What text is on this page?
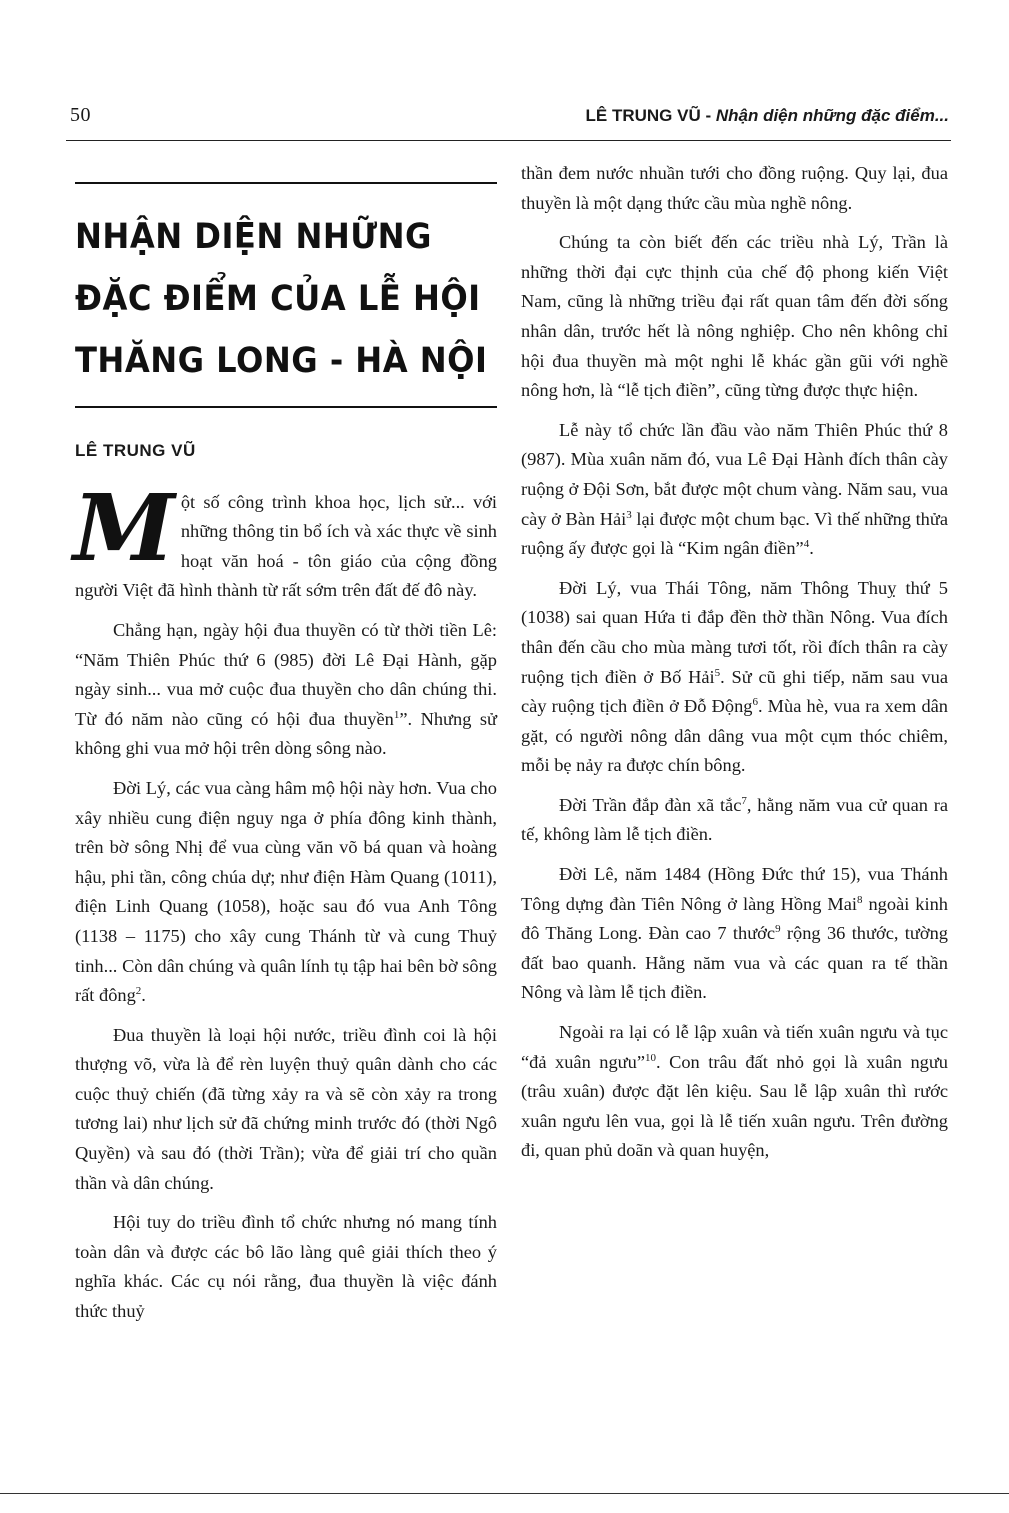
50	LÊ TRUNG VŨ - Nhận diện những đặc điểm...
NHẬN DIỆN NHỮNG
ĐẶC ĐIỂM CỦA LỄ HỘI
THĂNG LONG - HÀ NỘI
LÊ TRUNG VŨ

Một số công trình khoa học, lịch sử... với những thông tin bổ ích và xác thực về sinh hoạt văn hoá - tôn giáo của cộng đồng người Việt đã hình thành từ rất sớm trên đất đế đô này.

Chẳng hạn, ngày hội đua thuyền có từ thời tiền Lê: “Năm Thiên Phúc thứ 6 (985) đời Lê Đại Hành, gặp ngày sinh... vua mở cuộc đua thuyền cho dân chúng thi. Từ đó năm nào cũng có hội đua thuyền$^1$”. Nhưng sử không ghi vua mở hội trên dòng sông nào.

Đời Lý, các vua càng hâm mộ hội này hơn. Vua cho xây nhiều cung điện nguy nga ở phía đông kinh thành, trên bờ sông Nhị để vua cùng văn võ bá quan và hoàng hậu, phi tần, công chúa dự; như điện Hàm Quang (1011), điện Linh Quang (1058), hoặc sau đó vua Anh Tông (1138 – 1175) cho xây cung Thánh từ và cung Thuỷ tinh... Còn dân chúng và quân lính tụ tập hai bên bờ sông rất đông$^2$.

Đua thuyền là loại hội nước, triều đình coi là hội thượng võ, vừa là để rèn luyện thuỷ quân dành cho các cuộc thuỷ chiến (đã từng xảy ra và sẽ còn xảy ra trong tương lai) như lịch sử đã chứng minh trước đó (thời Ngô Quyền) và sau đó (thời Trần); vừa để giải trí cho quần thần và dân chúng.

Hội tuy do triều đình tổ chức nhưng nó mang tính toàn dân và được các bô lão làng quê giải thích theo ý nghĩa khác. Các cụ nói rằng, đua thuyền là việc đánh thức thuỷ

thần đem nước nhuần tưới cho đồng ruộng. Quy lại, đua thuyền là một dạng thức cầu mùa nghề nông.

Chúng ta còn biết đến các triều nhà Lý, Trần là những thời đại cực thịnh của chế độ phong kiến Việt Nam, cũng là những triều đại rất quan tâm đến đời sống nhân dân, trước hết là nông nghiệp. Cho nên không chỉ hội đua thuyền mà một nghi lễ khác gần gũi với nghề nông hơn, là “lễ tịch điền”, cũng từng được thực hiện.

Lễ này tổ chức lần đầu vào năm Thiên Phúc thứ 8 (987). Mùa xuân năm đó, vua Lê Đại Hành đích thân cày ruộng ở Đội Sơn, bắt được một chum vàng. Năm sau, vua cày ở Bàn Hải$^3$ lại được một chum bạc. Vì thế những thửa ruộng ấy được gọi là “Kim ngân điền”$^4$.

Đời Lý, vua Thái Tông, năm Thông Thuỵ thứ 5 (1038) sai quan Hứa ti đắp đền thờ thần Nông. Vua đích thân đến cầu cho mùa màng tươi tốt, rồi đích thân ra cày ruộng tịch điền ở Bố Hải$^5$. Sử cũ ghi tiếp, năm sau vua cày ruộng tịch điền ở Đỗ Động$^6$. Mùa hè, vua ra xem dân gặt, có người nông dân dâng vua một cụm thóc chiêm, mỗi bẹ nảy ra được chín bông.

Đời Trần đắp đàn xã tắc$^7$, hằng năm vua cử quan ra tế, không làm lễ tịch điền.

Đời Lê, năm 1484 (Hồng Đức thứ 15), vua Thánh Tông dựng đàn Tiên Nông ở làng Hồng Mai$^8$ ngoài kinh đô Thăng Long. Đàn cao 7 thước$^9$ rộng 36 thước, tường đất bao quanh. Hằng năm vua và các quan ra tế thần Nông và làm lễ tịch điền.

Ngoài ra lại có lễ lập xuân và tiến xuân ngưu và tục “đả xuân ngưu”$^{10}$. Con trâu đất nhỏ gọi là xuân ngưu (trâu xuân) được đặt lên kiệu. Sau lễ lập xuân thì rước xuân ngưu lên vua, gọi là lễ tiến xuân ngưu. Trên đường đi, quan phủ doãn và quan huyện,
